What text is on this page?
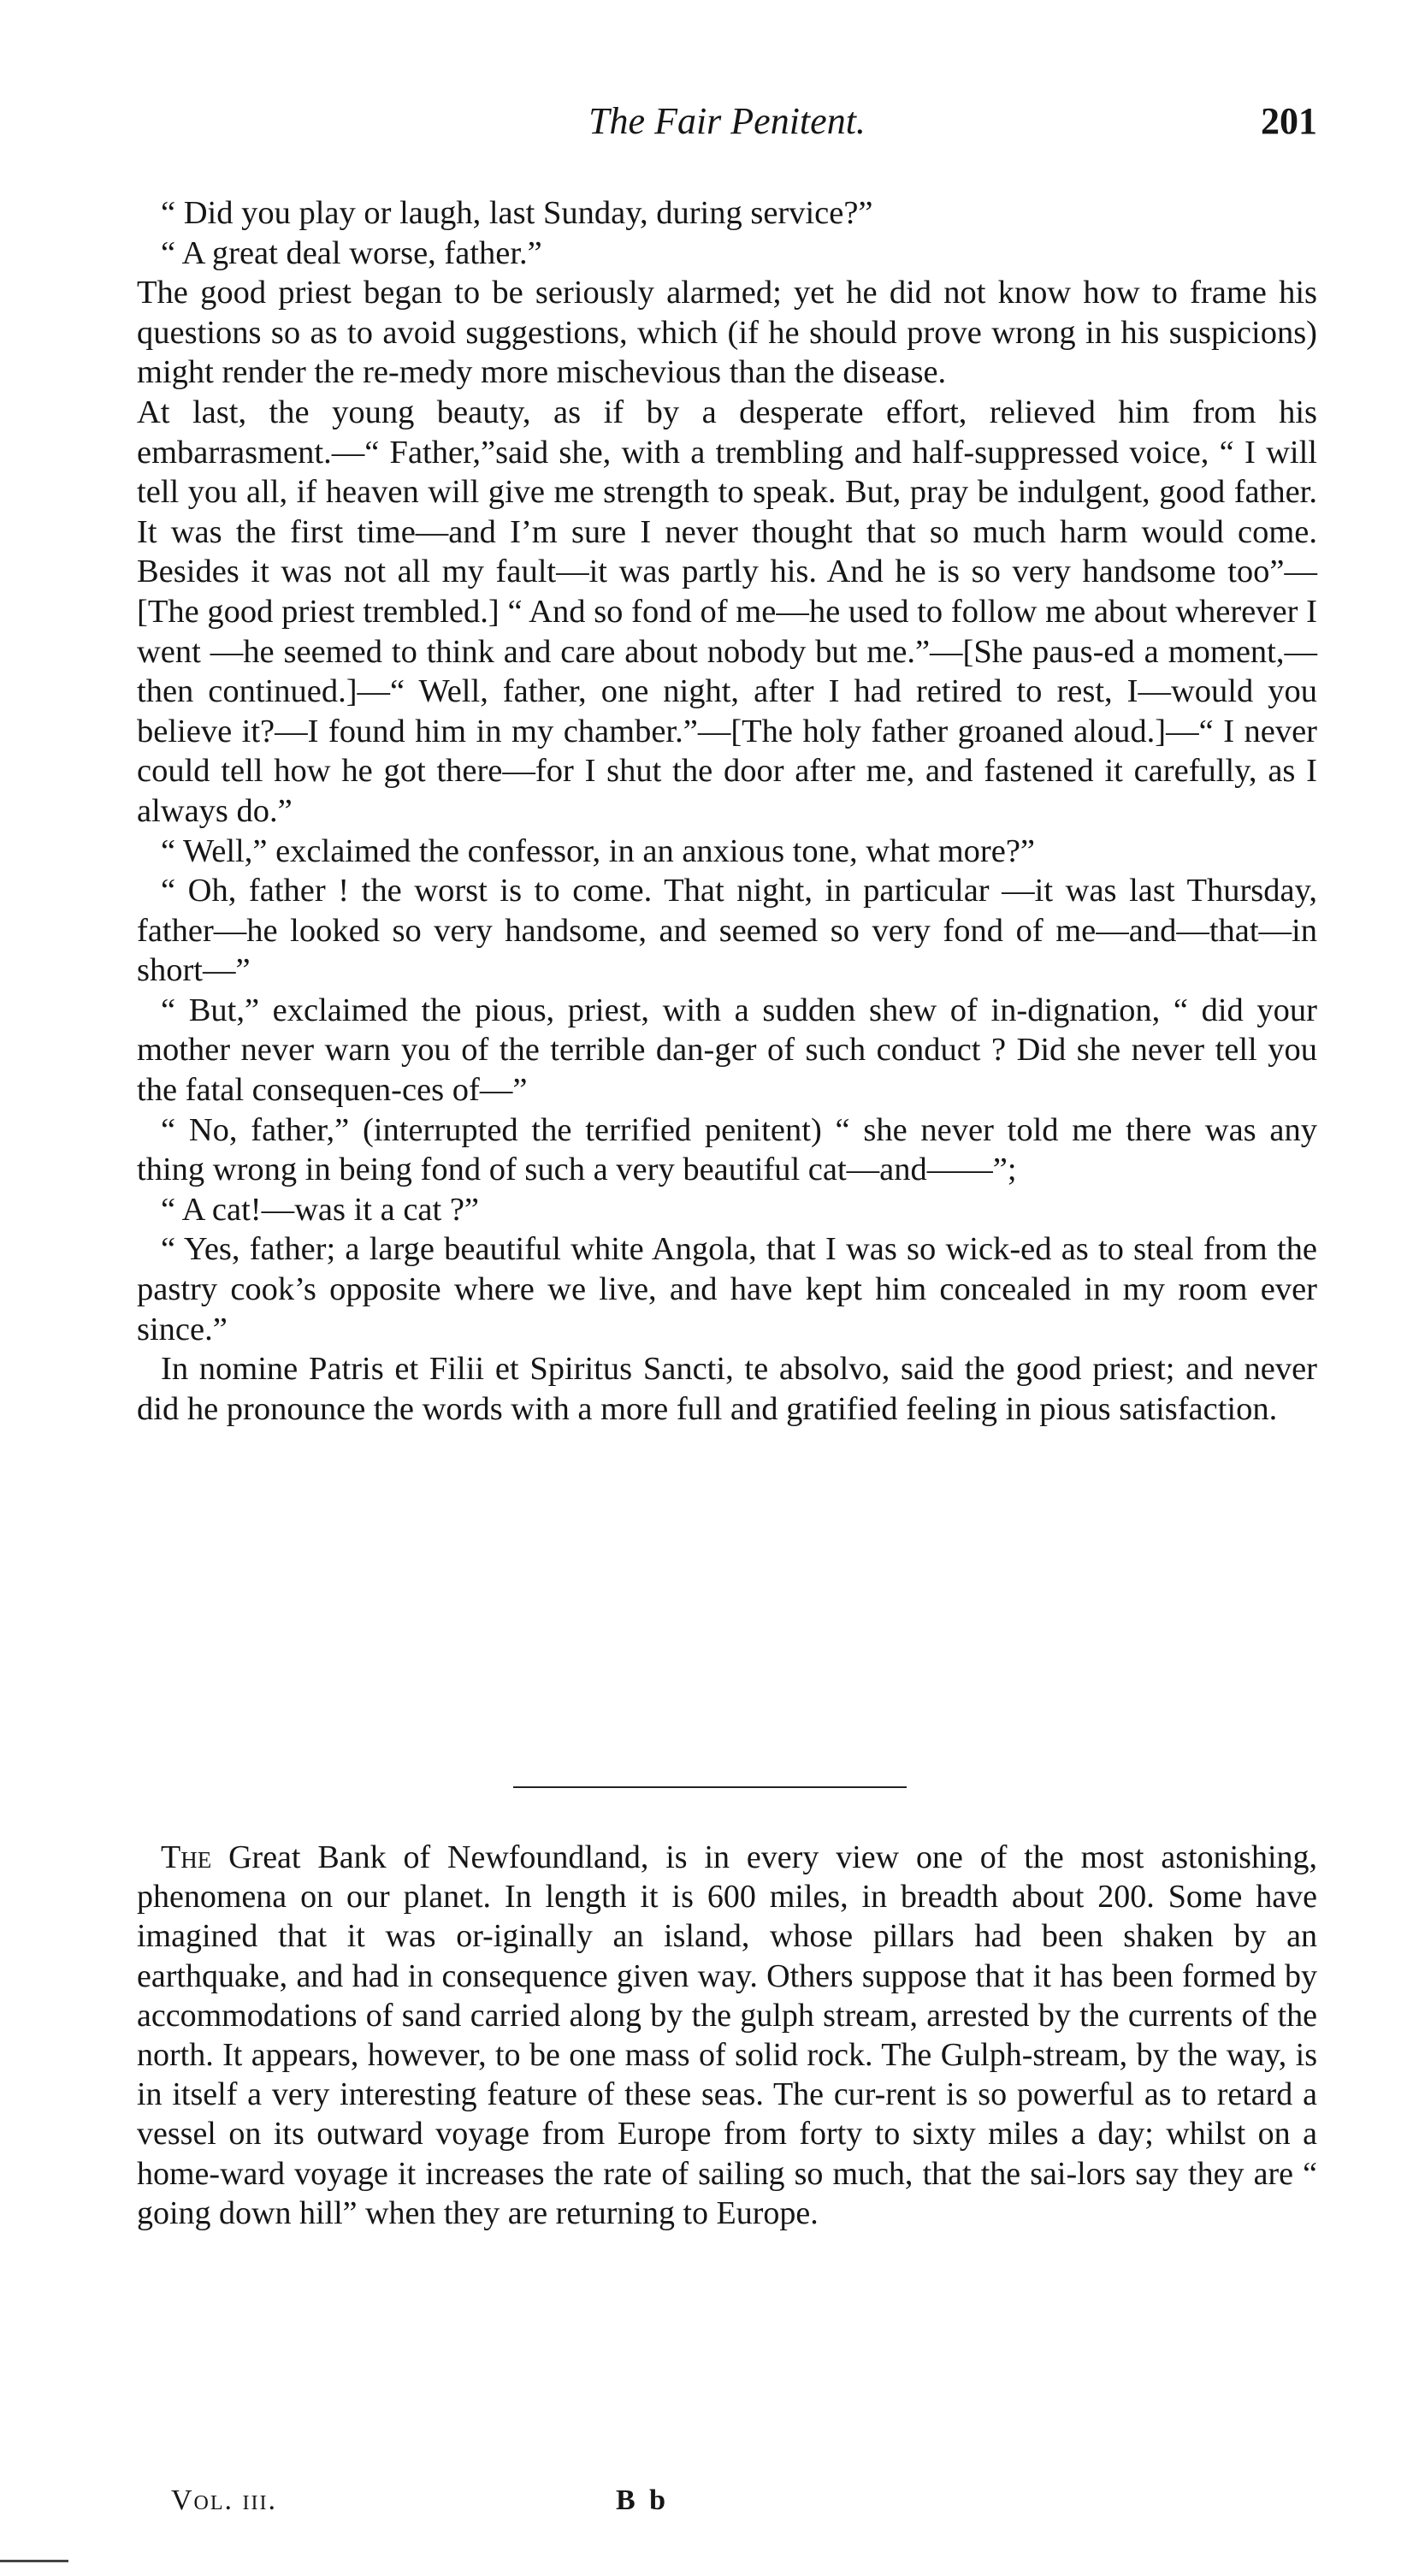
The Fair Penitent.	201

“ Did you play or laugh, last Sunday, during service?”

“ A great deal worse, father.”

The good priest began to be seriously alarmed; yet he did not know how to frame his questions so as to avoid suggestions, which (if he should prove wrong in his suspicions) might render the re-medy more mischevious than the disease.

At last, the young beauty, as if by a desperate effort, relieved him from his embarrasment.—“ Father,”said she, with a trembling and half-suppressed voice, “ I will tell you all, if heaven will give me strength to speak. But, pray be indulgent, good father. It was the first time—and I’m sure I never thought that so much harm would come. Besides it was not all my fault—it was partly his. And he is so very handsome too”—[The good priest trembled.] “ And so fond of me—he used to follow me about wherever I went —he seemed to think and care about nobody but me.”—[She paus-ed a moment,—then continued.]—“ Well, father, one night, after I had retired to rest, I—would you believe it?—I found him in my chamber.”—[The holy father groaned aloud.]—“ I never could tell how he got there—for I shut the door after me, and fastened it carefully, as I always do.”

“ Well,” exclaimed the confessor, in an anxious tone, what more?”

“ Oh, father ! the worst is to come. That night, in particular —it was last Thursday, father—he looked so very handsome, and seemed so very fond of me—and—that—in short—”

“ But,” exclaimed the pious, priest, with a sudden shew of in-dignation, “ did your mother never warn you of the terrible dan-ger of such conduct ? Did she never tell you the fatal consequen-ces of—”

“ No, father,” (interrupted the terrified penitent) “ she never told me there was any thing wrong in being fond of such a very beautiful cat—and——”;

“ A cat!—was it a cat ?”

“ Yes, father; a large beautiful white Angola, that I was so wick-ed as to steal from the pastry cook’s opposite where we live, and have kept him concealed in my room ever since.”

In nomine Patris et Filii et Spiritus Sancti, te absolvo, said the good priest; and never did he pronounce the words with a more full and gratified feeling in pious satisfaction.

The Great Bank of Newfoundland, is in every view one of the most astonishing, phenomena on our planet. In length it is 600 miles, in breadth about 200. Some have imagined that it was or-iginally an island, whose pillars had been shaken by an earthquake, and had in consequence given way. Others suppose that it has been formed by accommodations of sand carried along by the gulph stream, arrested by the currents of the north. It appears, however, to be one mass of solid rock. The Gulph-stream, by the way, is in itself a very interesting feature of these seas. The cur-rent is so powerful as to retard a vessel on its outward voyage from Europe from forty to sixty miles a day; whilst on a home-ward voyage it increases the rate of sailing so much, that the sai-lors say they are “ going down hill” when they are returning to Europe.

Vol. iii.	B b
